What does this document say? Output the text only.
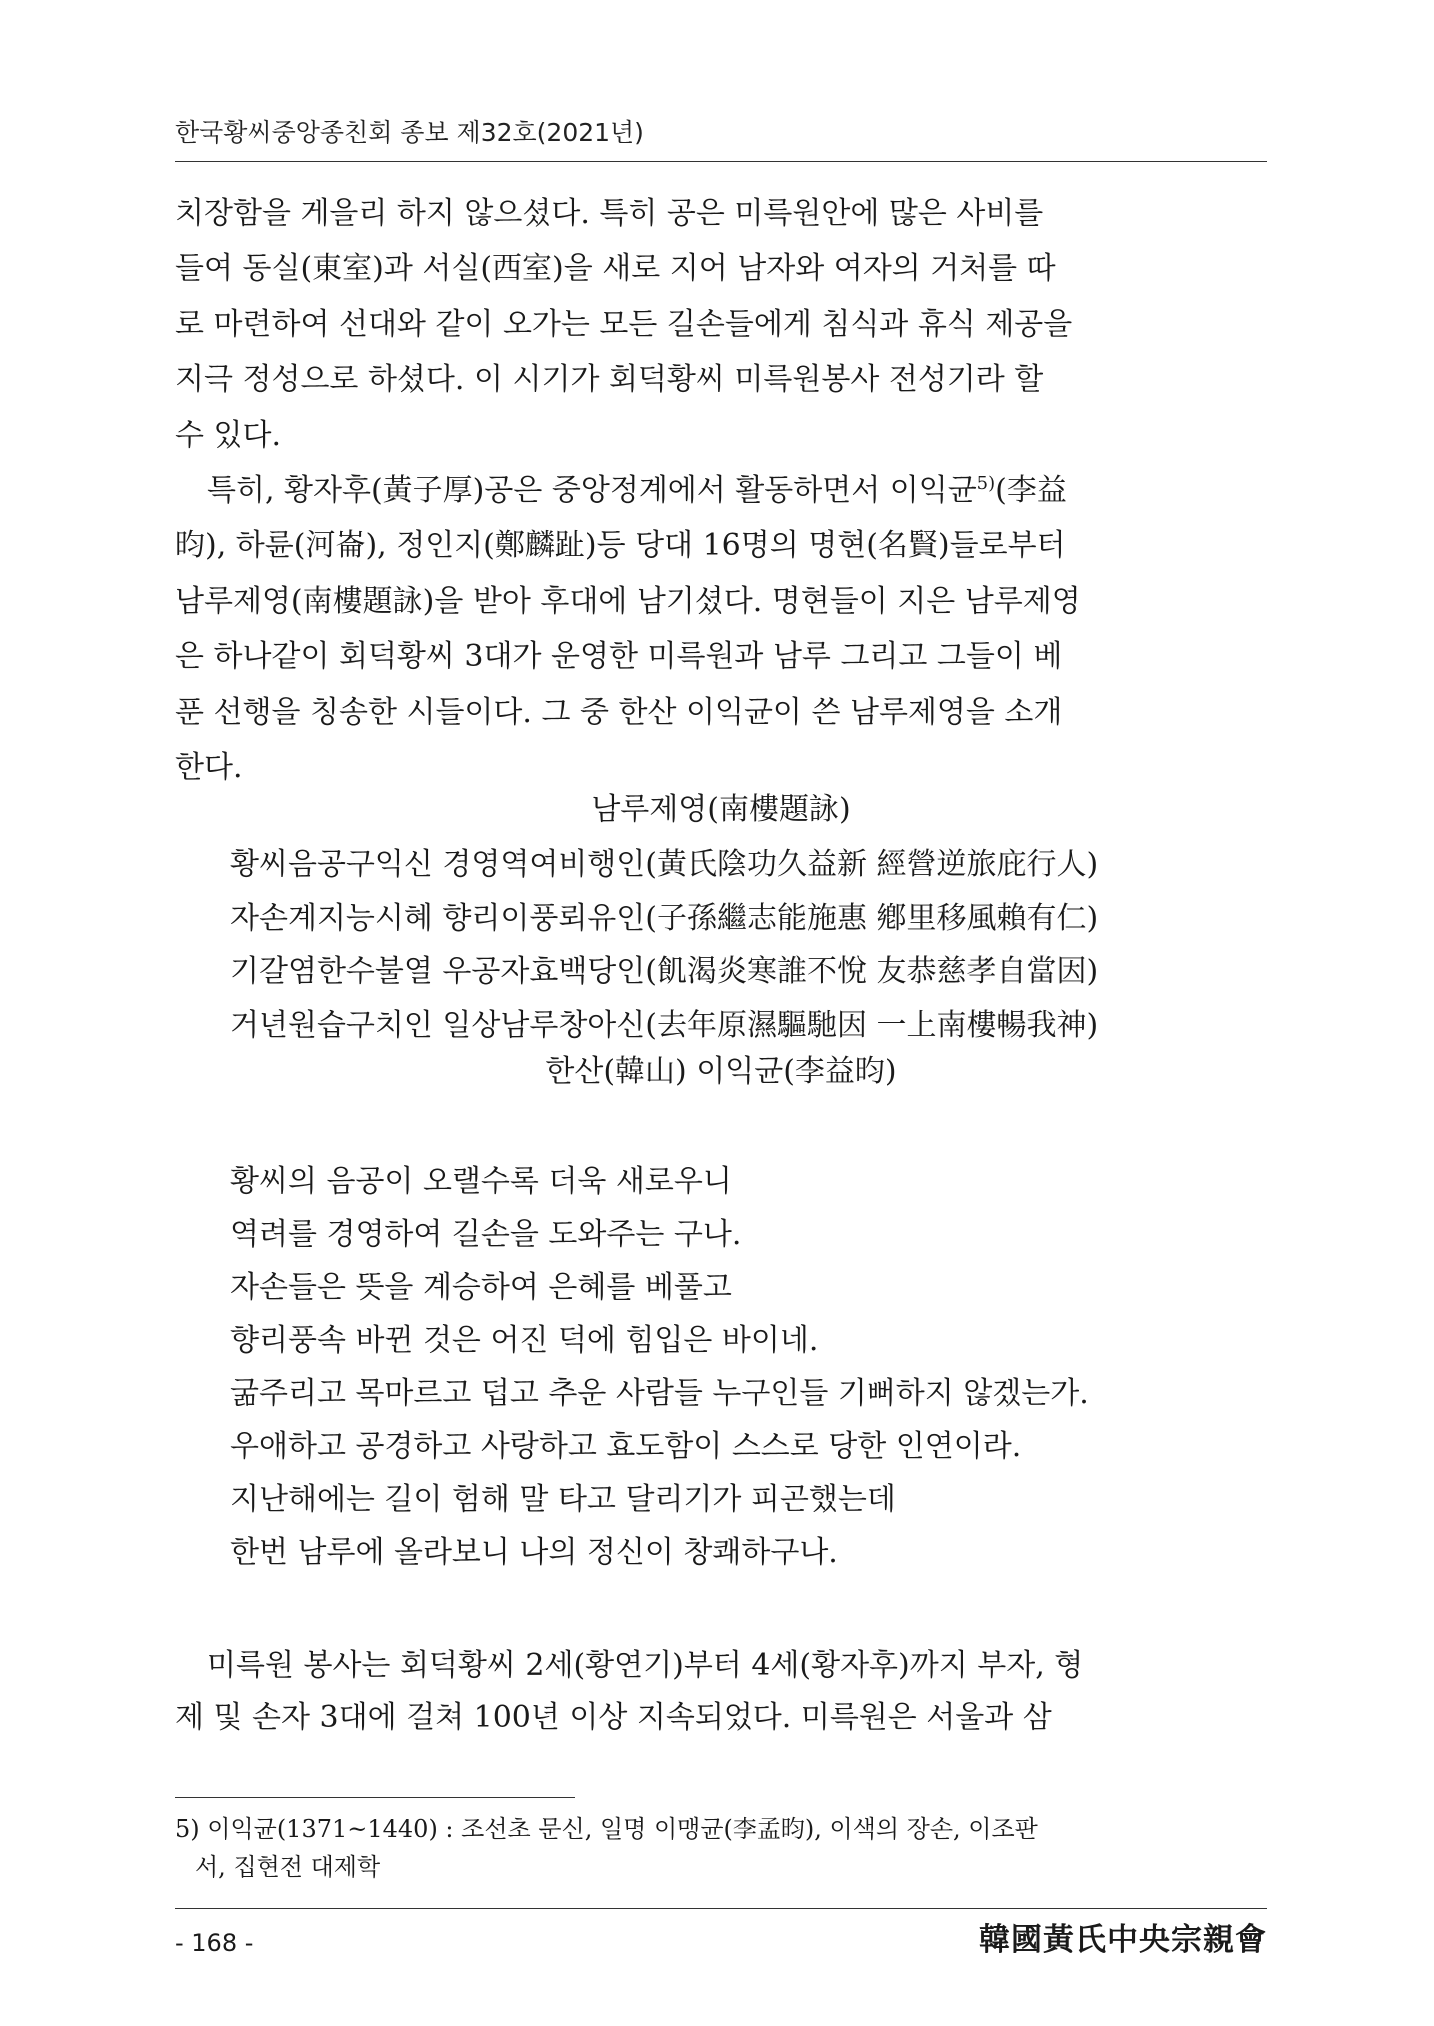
한국황씨중앙종친회 종보 제32호(2021년)
치장함을 게을리 하지 않으셨다. 특히 공은 미륵원안에 많은 사비를
들여 동실(東室)과 서실(西室)을 새로 지어 남자와 여자의 거처를 따
로 마련하여 선대와 같이 오가는 모든 길손들에게 침식과 휴식 제공을
지극 정성으로 하셨다. 이 시기가 회덕황씨 미륵원봉사 전성기라 할
수 있다.
특히, 황자후(黃子厚)공은 중앙정계에서 활동하면서 이익균$^{5)}$(李益
昀), 하륜(河崙), 정인지(鄭麟趾)등 당대 16명의 명현(名賢)들로부터
남루제영(南樓題詠)을 받아 후대에 남기셨다. 명현들이 지은 남루제영
은 하나같이 회덕황씨 3대가 운영한 미륵원과 남루 그리고 그들이 베
푼 선행을 칭송한 시들이다. 그 중 한산 이익균이 쓴 남루제영을 소개
한다.
남루제영(南樓題詠)
황씨음공구익신 경영역여비행인(黃氏陰功久益新 經營逆旅庇行人)
자손계지능시혜 향리이풍뢰유인(子孫繼志能施惠 鄕里移風賴有仁)
기갈염한수불열 우공자효백당인(飢渴炎寒誰不悅 友恭慈孝自當因)
거년원습구치인 일상남루창아신(去年原濕驅馳因 一上南樓暢我神)
한산(韓山) 이익균(李益昀)
황씨의 음공이 오랠수록 더욱 새로우니
역려를 경영하여 길손을 도와주는 구나.
자손들은 뜻을 계승하여 은혜를 베풀고
향리풍속 바뀐 것은 어진 덕에 힘입은 바이네.
굶주리고 목마르고 덥고 추운 사람들 누구인들 기뻐하지 않겠는가.
우애하고 공경하고 사랑하고 효도함이 스스로 당한 인연이라.
지난해에는 길이 험해 말 타고 달리기가 피곤했는데
한번 남루에 올라보니 나의 정신이 창쾌하구나.
미륵원 봉사는 회덕황씨 2세(황연기)부터 4세(황자후)까지 부자, 형
제 및 손자 3대에 걸쳐 100년 이상 지속되었다. 미륵원은 서울과 삼
5) 이익균(1371~1440) : 조선초 문신, 일명 이맹균(李孟昀), 이색의 장손, 이조판
서, 집현전 대제학
- 168 -	韓國黃氏中央宗親會
